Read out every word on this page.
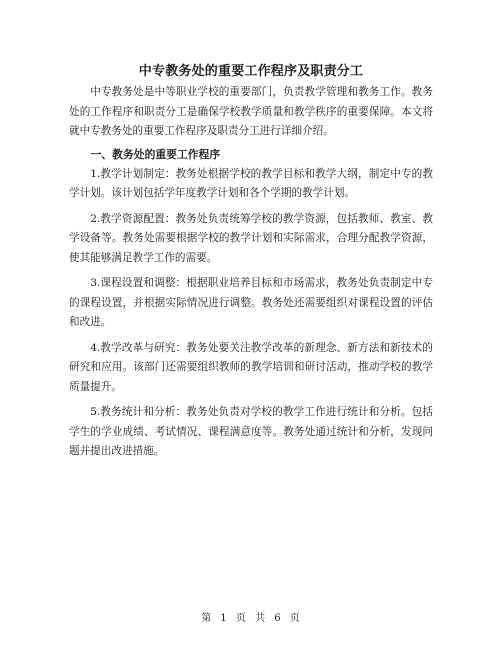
中专教务处的重要工作程序及职责分工

中专教务处是中等职业学校的重要部门，负责教学管理和教务工作。教务处的工作程序和职责分工是确保学校教学质量和教学秩序的重要保障。本文将就中专教务处的重要工作程序及职责分工进行详细介绍。

一、教务处的重要工作程序

1.教学计划制定：教务处根据学校的教学目标和教学大纲，制定中专的教学计划。该计划包括学年度教学计划和各个学期的教学计划。

2.教学资源配置：教务处负责统筹学校的教学资源，包括教师、教室、教学设备等。教务处需要根据学校的教学计划和实际需求，合理分配教学资源，使其能够满足教学工作的需要。

3.课程设置和调整：根据职业培养目标和市场需求，教务处负责制定中专的课程设置，并根据实际情况进行调整。教务处还需要组织对课程设置的评估和改进。

4.教学改革与研究：教务处要关注教学改革的新理念、新方法和新技术的研究和应用。该部门还需要组织教师的教学培训和研讨活动，推动学校的教学质量提升。

5.教务统计和分析：教务处负责对学校的教学工作进行统计和分析。包括学生的学业成绩、考试情况、课程满意度等。教务处通过统计和分析，发现问题并提出改进措施。

第 1 页 共 6 页
